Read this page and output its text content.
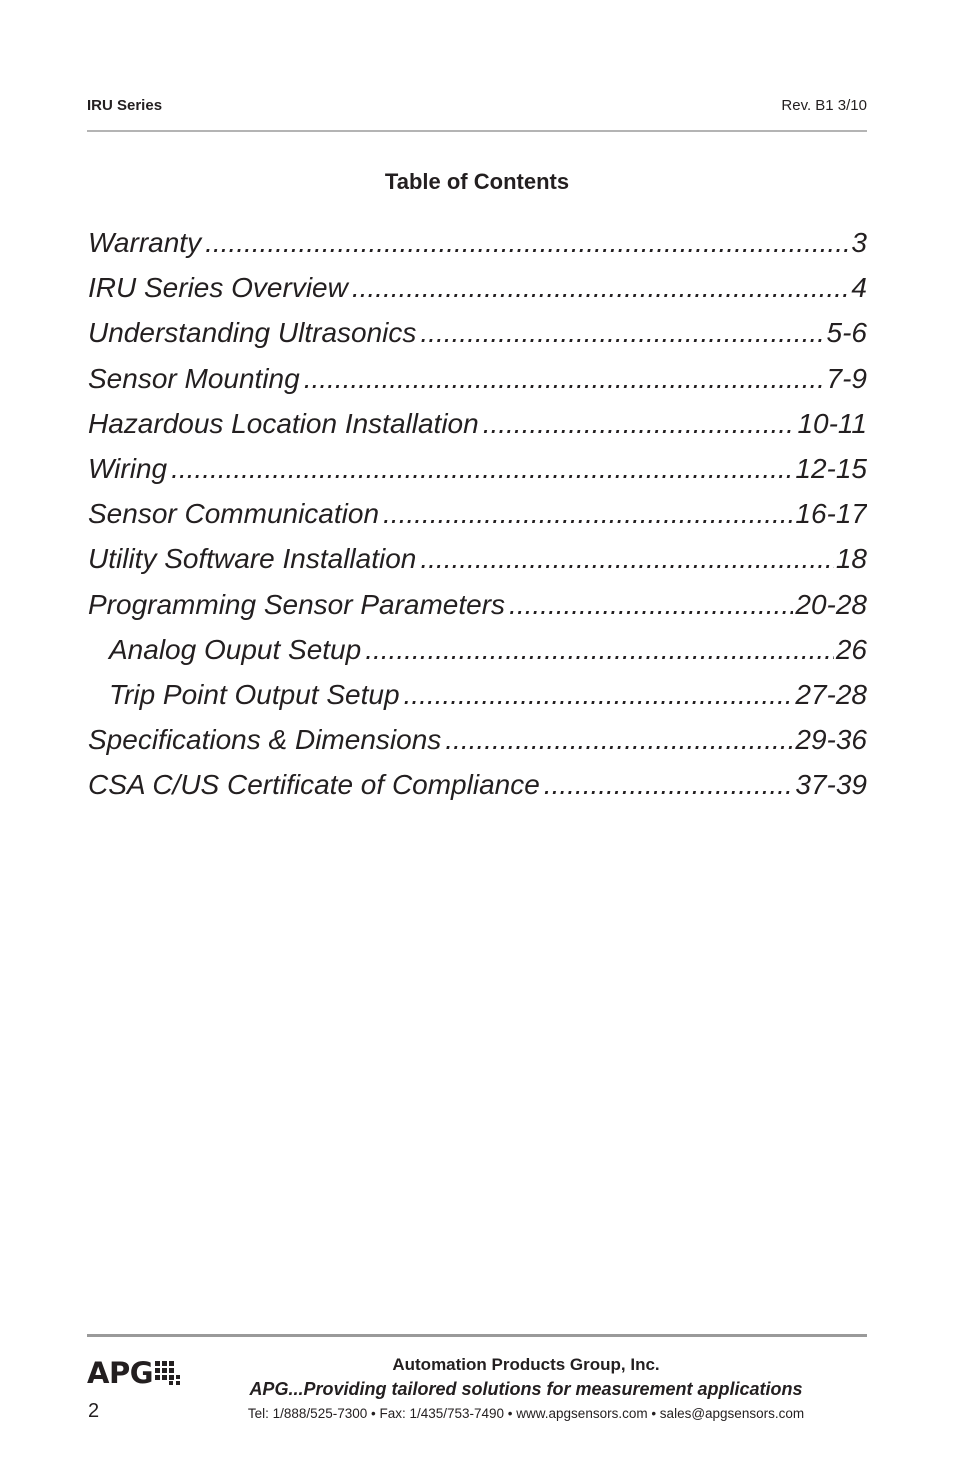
IRU Series	Rev. B1 3/10
Table of Contents
Warranty .....	3
IRU Series Overview .....	4
Understanding Ultrasonics .....	5-6
Sensor Mounting .....	7-9
Hazardous Location Installation .....	10-11
Wiring .....	12-15
Sensor Communication .....	16-17
Utility Software Installation .....	18
Programming Sensor Parameters .....	20-28
Analog Ouput Setup .....	26
Trip Point Output Setup .....	27-28
Specifications & Dimensions .....	29-36
CSA C/US Certificate of Compliance .....	37-39
APG
2
Automation Products Group, Inc.
APG...Providing tailored solutions for measurement applications
Tel: 1/888/525-7300 • Fax: 1/435/753-7490 • www.apgsensors.com • sales@apgsensors.com
